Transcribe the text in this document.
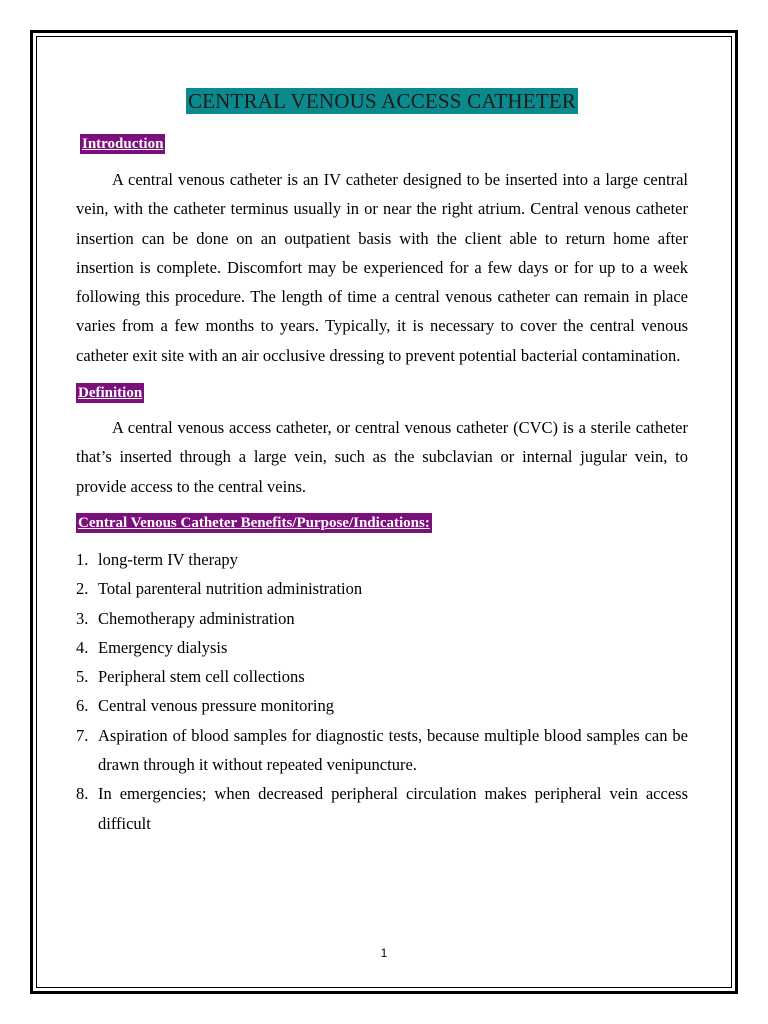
CENTRAL VENOUS ACCESS CATHETER
Introduction

A central venous catheter is an IV catheter designed to be inserted into a large central vein, with the catheter terminus usually in or near the right atrium. Central venous catheter insertion can be done on an outpatient basis with the client able to return home after insertion is complete. Discomfort may be experienced for a few days or for up to a week following this procedure. The length of time a central venous catheter can remain in place varies from a few months to years. Typically, it is necessary to cover the central venous catheter exit site with an air occlusive dressing to prevent potential bacterial contamination.

Definition

A central venous access catheter, or central venous catheter (CVC) is a sterile catheter that’s inserted through a large vein, such as the subclavian or internal jugular vein, to provide access to the central veins.

Central Venous Catheter Benefits/Purpose/Indications:
1. long-term IV therapy
2. Total parenteral nutrition administration
3. Chemotherapy administration
4. Emergency dialysis
5. Peripheral stem cell collections
6. Central venous pressure monitoring
7. Aspiration of blood samples for diagnostic tests, because multiple blood samples can be drawn through it without repeated venipuncture.
8. In emergencies; when decreased peripheral circulation makes peripheral vein access difficult
1
